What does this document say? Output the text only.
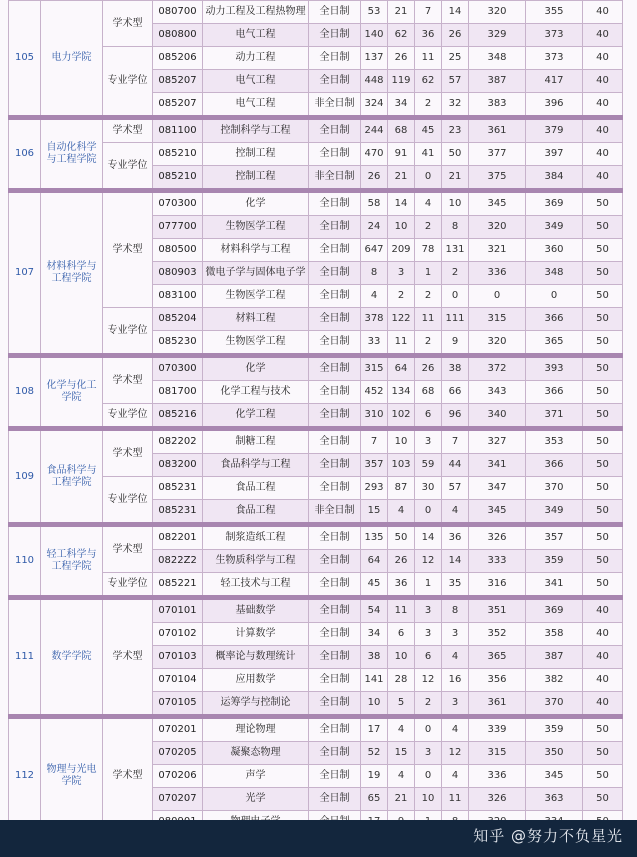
105	电力学院	学术型	080700	动力工程及工程热物理	全日制	53	21	7	14	320	355	40
			080800	电气工程	全日制	140	62	36	26	329	373	40
		专业学位	085206	动力工程	全日制	137	26	11	25	348	373	40
			085207	电气工程	全日制	448	119	62	57	387	417	40
			085207	电气工程	非全日制	324	34	2	32	383	396	40
106	自动化科学与工程学院	学术型	081100	控制科学与工程	全日制	244	68	45	23	361	379	40
		专业学位	085210	控制工程	全日制	470	91	41	50	377	397	40
			085210	控制工程	非全日制	26	21	0	21	375	384	40
107	材料科学与工程学院	学术型	070300	化学	全日制	58	14	4	10	345	369	50
			077700	生物医学工程	全日制	24	10	2	8	320	349	50
			080500	材料科学与工程	全日制	647	209	78	131	321	360	50
			080903	微电子学与固体电子学	全日制	8	3	1	2	336	348	50
			083100	生物医学工程	全日制	4	2	2	0	0	0	50
		专业学位	085204	材料工程	全日制	378	122	11	111	315	366	50
			085230	生物医学工程	全日制	33	11	2	9	320	365	50
108	化学与化工学院	学术型	070300	化学	全日制	315	64	26	38	372	393	50
			081700	化学工程与技术	全日制	452	134	68	66	343	366	50
		专业学位	085216	化学工程	全日制	310	102	6	96	340	371	50
109	食品科学与工程学院	学术型	082202	制糖工程	全日制	7	10	3	7	327	353	50
			083200	食品科学与工程	全日制	357	103	59	44	341	366	50
		专业学位	085231	食品工程	全日制	293	87	30	57	347	370	50
			085231	食品工程	非全日制	15	4	0	4	345	349	50
110	轻工科学与工程学院	学术型	082201	制浆造纸工程	全日制	135	50	14	36	326	357	50
			0822Z2	生物质科学与工程	全日制	64	26	12	14	333	359	50
		专业学位	085221	轻工技术与工程	全日制	45	36	1	35	316	341	50
111	数学学院	学术型	070101	基础数学	全日制	54	11	3	8	351	369	40
			070102	计算数学	全日制	34	6	3	3	352	358	40
			070103	概率论与数理统计	全日制	38	10	6	4	365	387	40
			070104	应用数学	全日制	141	28	12	16	356	382	40
			070105	运筹学与控制论	全日制	10	5	2	3	361	370	40
112	物理与光电学院	学术型	070201	理论物理	全日制	17	4	0	4	339	359	50
			070205	凝聚态物理	全日制	52	15	3	12	315	350	50
			070206	声学	全日制	19	4	0	4	336	345	50
			070207	光学	全日制	65	21	10	11	326	363	50

知乎 @努力不负星光
